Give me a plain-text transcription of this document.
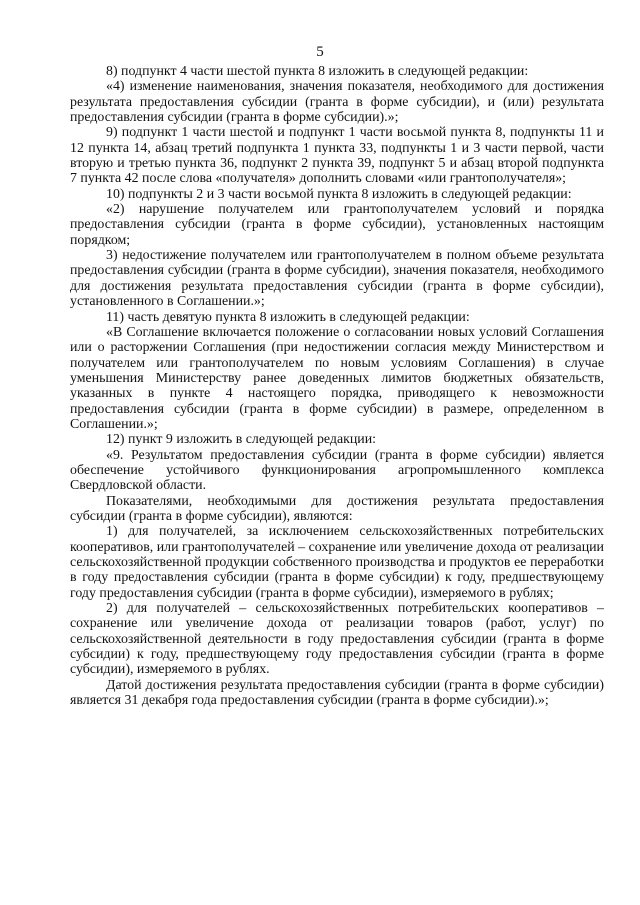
5

8) подпункт 4 части шестой пункта 8 изложить в следующей редакции:

«4) изменение наименования, значения показателя, необходимого для достижения результата предоставления субсидии (гранта в форме субсидии), и (или) результата предоставления субсидии (гранта в форме субсидии).»;

9) подпункт 1 части шестой и подпункт 1 части восьмой пункта 8, подпункты 11 и 12 пункта 14, абзац третий подпункта 1 пункта 33, подпункты 1 и 3 части первой, части вторую и третью пункта 36, подпункт 2 пункта 39, подпункт 5 и абзац второй подпункта 7 пункта 42 после слова «получателя» дополнить словами «или грантополучателя»;

10) подпункты 2 и 3 части восьмой пункта 8 изложить в следующей редакции:

«2) нарушение получателем или грантополучателем условий и порядка предоставления субсидии (гранта в форме субсидии), установленных настоящим порядком;

3) недостижение получателем или грантополучателем в полном объеме результата предоставления субсидии (гранта в форме субсидии), значения показателя, необходимого для достижения результата предоставления субсидии (гранта в форме субсидии), установленного в Соглашении.»;

11) часть девятую пункта 8 изложить в следующей редакции:

«В Соглашение включается положение о согласовании новых условий Соглашения или о расторжении Соглашения (при недостижении согласия между Министерством и получателем или грантополучателем по новым условиям Соглашения) в случае уменьшения Министерству ранее доведенных лимитов бюджетных обязательств, указанных в пункте 4 настоящего порядка, приводящего к невозможности предоставления субсидии (гранта в форме субсидии) в размере, определенном в Соглашении.»;

12) пункт 9 изложить в следующей редакции:

«9. Результатом предоставления субсидии (гранта в форме субсидии) является обеспечение устойчивого функционирования агропромышленного комплекса Свердловской области.

Показателями, необходимыми для достижения результата предоставления субсидии (гранта в форме субсидии), являются:

1) для получателей, за исключением сельскохозяйственных потребительских кооперативов, или грантополучателей – сохранение или увеличение дохода от реализации сельскохозяйственной продукции собственного производства и продуктов ее переработки в году предоставления субсидии (гранта в форме субсидии) к году, предшествующему году предоставления субсидии (гранта в форме субсидии), измеряемого в рублях;

2) для получателей – сельскохозяйственных потребительских кооперативов – сохранение или увеличение дохода от реализации товаров (работ, услуг) по сельскохозяйственной деятельности в году предоставления субсидии (гранта в форме субсидии) к году, предшествующему году предоставления субсидии (гранта в форме субсидии), измеряемого в рублях.

Датой достижения результата предоставления субсидии (гранта в форме субсидии) является 31 декабря года предоставления субсидии (гранта в форме субсидии).»;
